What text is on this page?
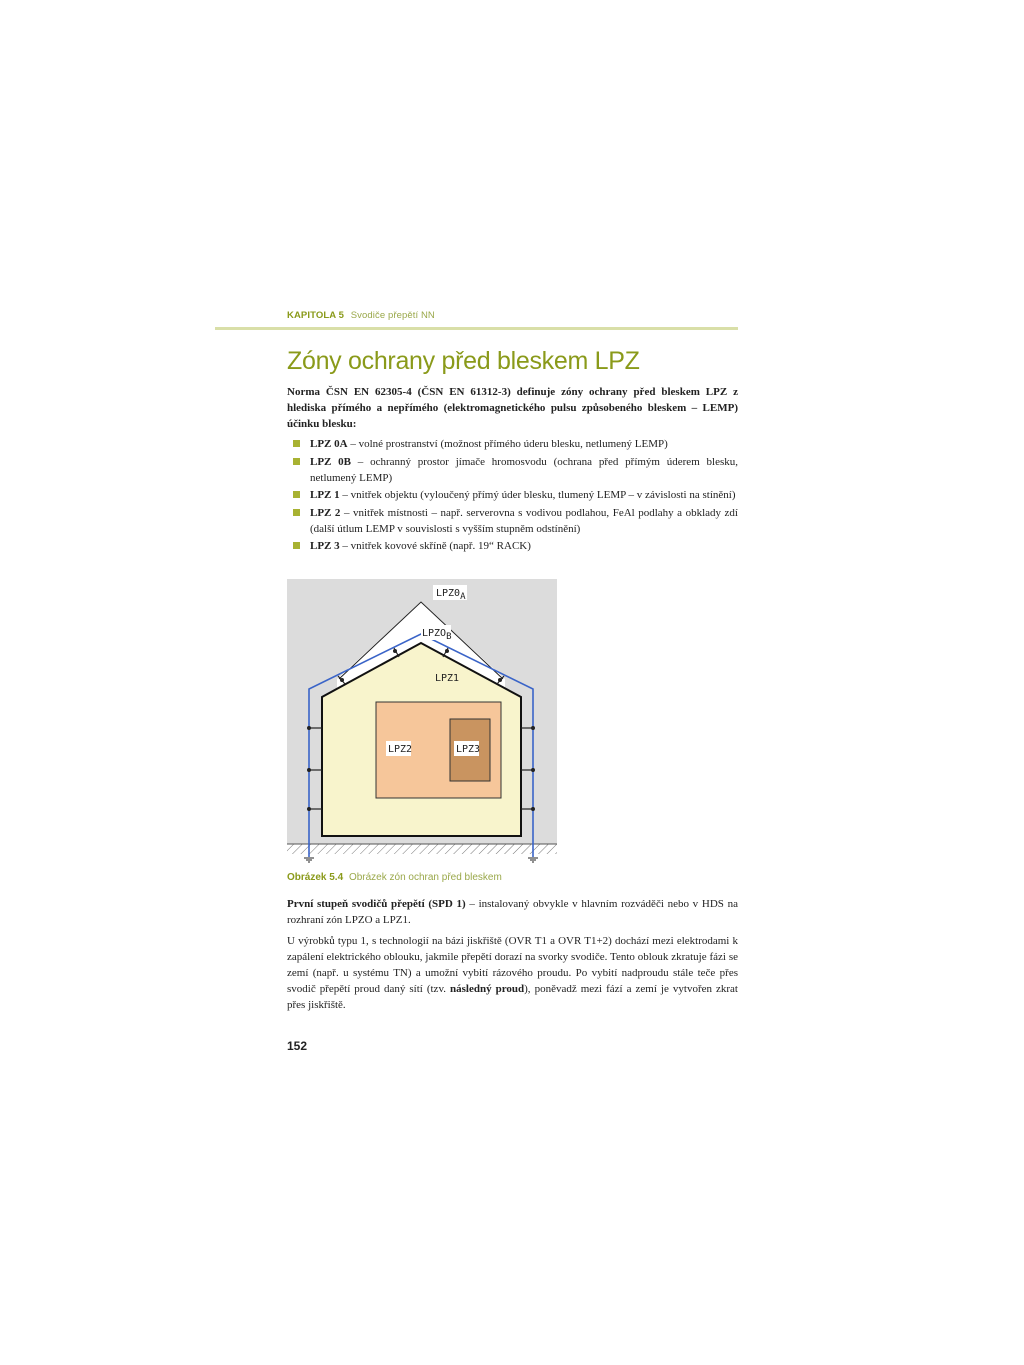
KAPITOLA 5 Svodiče přepětí NN
Zóny ochrany před bleskem LPZ

Norma ČSN EN 62305-4 (ČSN EN 61312-3) definuje zóny ochrany před bleskem LPZ z hlediska přímého a nepřímého (elektromagnetického pulsu způsobeného bleskem – LEMP) účinku blesku:

LPZ 0A – volné prostranství (možnost přímého úderu blesku, netlumený LEMP)
LPZ 0B – ochranný prostor jímače hromosvodu (ochrana před přímým úderem blesku, netlumený LEMP)
LPZ 1 – vnitřek objektu (vyloučený přímý úder blesku, tlumený LEMP – v závislosti na stínění)
LPZ 2 – vnitřek místnosti – např. serverovna s vodivou podlahou, FeAl podlahy a obklady zdí (další útlum LEMP v souvislosti s vyšším stupněm odstínění)
LPZ 3 – vnitřek kovové skříně (např. 19“ RACK)
LPZ0A
LPZOB
LPZ1
LPZ2	LPZ3
Obrázek 5.4 Obrázek zón ochran před bleskem

První stupeň svodičů přepětí (SPD 1) – instalovaný obvykle v hlavním rozváděči nebo v HDS na rozhraní zón LPZO a LPZ1.

U výrobků typu 1, s technologií na bázi jiskřiště (OVR T1 a OVR T1+2) dochází mezi elektrodami k zapálení elektrického oblouku, jakmile přepětí dorazí na svorky svodiče. Tento oblouk zkratuje fázi se zemí (např. u systému TN) a umožní vybití rázového proudu. Po vybití nadproudu stále teče přes svodič přepětí proud daný sítí (tzv. následný proud), poněvadž mezi fází a zemí je vytvořen zkrat přes jiskřiště.

152
